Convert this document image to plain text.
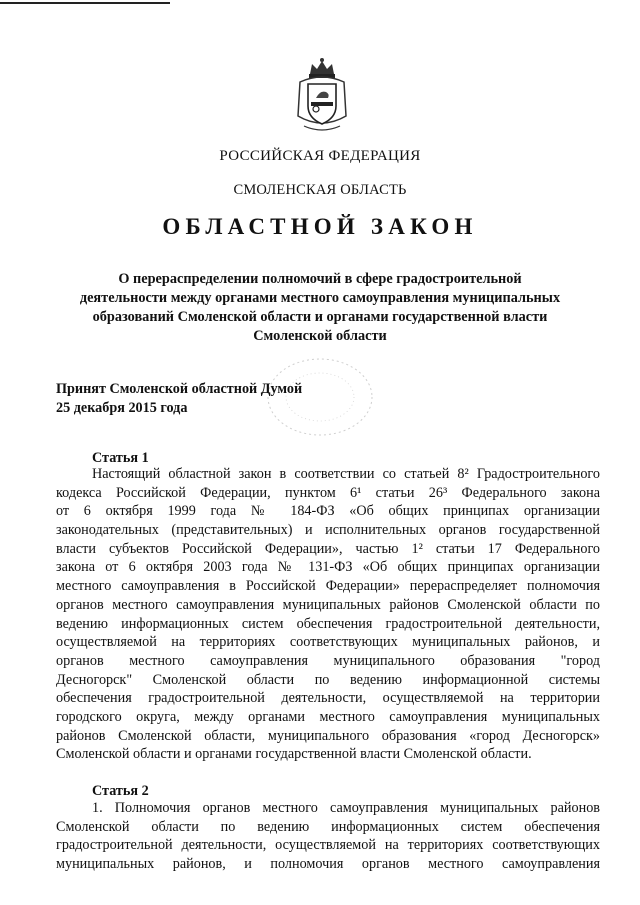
РОССИЙСКАЯ ФЕДЕРАЦИЯ
СМОЛЕНСКАЯ ОБЛАСТЬ
ОБЛАСТНОЙ ЗАКОН
О перераспределении полномочий в сфере градостроительной
деятельности между органами местного самоуправления муниципальных
образований Смоленской области и органами государственной власти
Смоленской области
Принят Смоленской областной Думой
25 декабря 2015 года
Статья 1
Настоящий областной закон в соответствии со статьей 8² Градостроительного
кодекса Российской Федерации, пунктом 6¹ статьи 26³ Федерального закона
от 6 октября 1999 года № 184-ФЗ «Об общих принципах организации
законодательных (представительных) и исполнительных органов государственной
власти субъектов Российской Федерации», частью 1² статьи 17 Федерального
закона от 6 октября 2003 года № 131-ФЗ «Об общих принципах организации
местного самоуправления в Российской Федерации» перераспределяет полномочия
органов местного самоуправления муниципальных районов Смоленской области по
ведению информационных систем обеспечения градостроительной деятельности,
осуществляемой на территориях соответствующих муниципальных районов, и
органов местного самоуправления муниципального образования "город
Десногорск" Смоленской области по ведению информационной системы
обеспечения градостроительной деятельности, осуществляемой на территории
городского округа, между органами местного самоуправления муниципальных
районов Смоленской области, муниципального образования «город Десногорск»
Смоленской области и органами государственной власти Смоленской области.
Статья 2
1. Полномочия органов местного самоуправления муниципальных районов
Смоленской области по ведению информационных систем обеспечения
градостроительной деятельности, осуществляемой на территориях соответствующих
муниципальных районов, и полномочия органов местного самоуправления
